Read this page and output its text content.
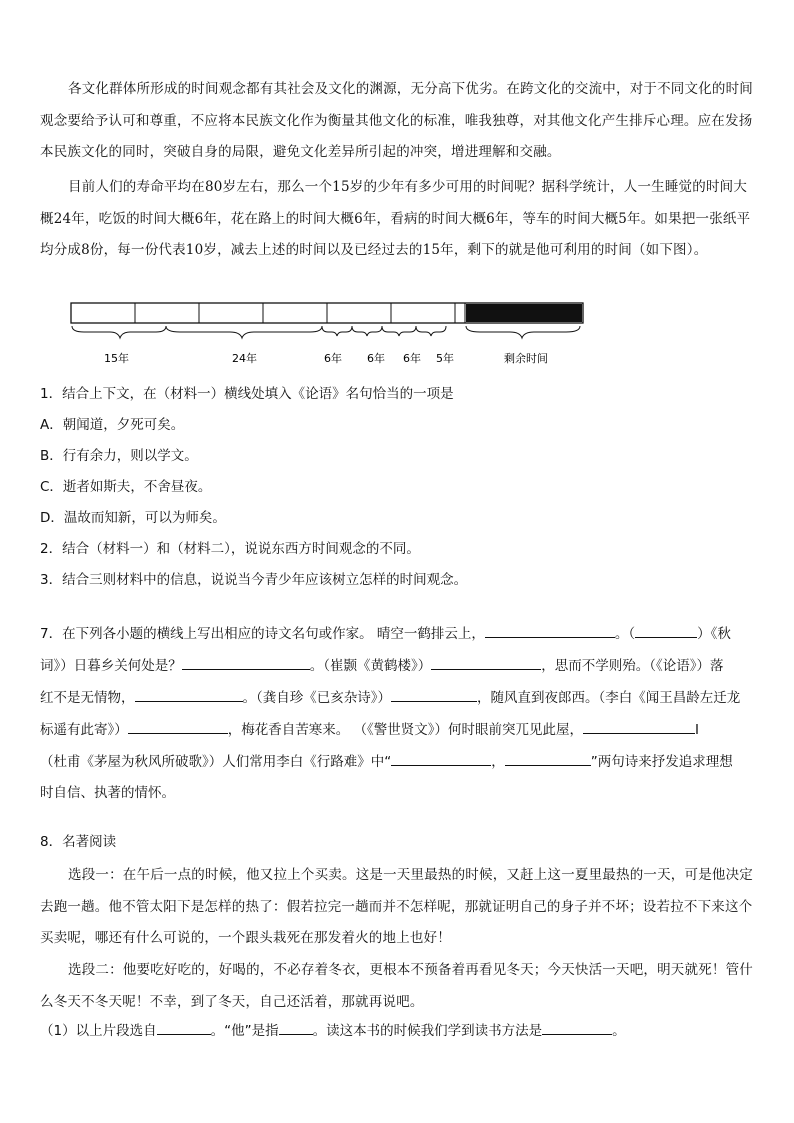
各文化群体所形成的时间观念都有其社会及文化的渊源，无分高下优劣。在跨文化的交流中，对于不同文化的时间观念要给予认可和尊重，不应将本民族文化作为衡量其他文化的标准，唯我独尊，对其他文化产生排斥心理。应在发扬本民族文化的同时，突破自身的局限，避免文化差异所引起的冲突，增进理解和交融。

目前人们的寿命平均在80岁左右，那么一个15岁的少年有多少可用的时间呢？据科学统计，人一生睡觉的时间大概24年，吃饭的时间大概6年，花在路上的时间大概6年，看病的时间大概6年，等车的时间大概5年。如果把一张纸平均分成8份，每一份代表10岁，减去上述的时间以及已经过去的15年，剩下的就是他可利用的时间（如下图）。

15年	24年	6年 6年 6年 5年	剩余时间
1．结合上下文，在（材料一）横线处填入《论语》名句恰当的一项是
A．朝闻道，夕死可矣。
B．行有余力，则以学文。
C．逝者如斯夫，不舍昼夜。
D．温故而知新，可以为师矣。
2．结合（材料一）和（材料二），说说东西方时间观念的不同。
3．结合三则材料中的信息，说说当今青少年应该树立怎样的时间观念。
7．在下列各小题的横线上写出相应的诗文名句或作家。 晴空一鹤排云上，	。（	）《秋
词》）日暮乡关何处是？	。（崔颢《黄鹤楼》）	，思而不学则殆。（《论语》）落
红不是无情物，	。（龚自珍《已亥杂诗》）	，随风直到夜郎西。（李白《闻王昌龄左迁龙
标遥有此寄》）	，梅花香自苦寒来。 （《警世贤文》）何时眼前突兀见此屋，	I
（杜甫《茅屋为秋风所破歌》）人们常用李白《行路难》中“	，	”两句诗来抒发追求理想
时自信、执著的情怀。
8．名著阅读

选段一：在午后一点的时候，他又拉上个买卖。这是一天里最热的时候，又赶上这一夏里最热的一天，可是他决定去跑一趟。他不管太阳下是怎样的热了：假若拉完一趟而并不怎样呢，那就证明自己的身子并不坏；设若拉不下来这个买卖呢，哪还有什么可说的，一个跟头栽死在那发着火的地上也好！

选段二：他要吃好吃的，好喝的，不必存着冬衣，更根本不预备着再看见冬天；今天快活一天吧，明天就死！管什么冬天不冬天呢！不幸，到了冬天，自己还活着，那就再说吧。

（1）以上片段选自	。“他”是指	。读这本书的时候我们学到读书方法是	。
